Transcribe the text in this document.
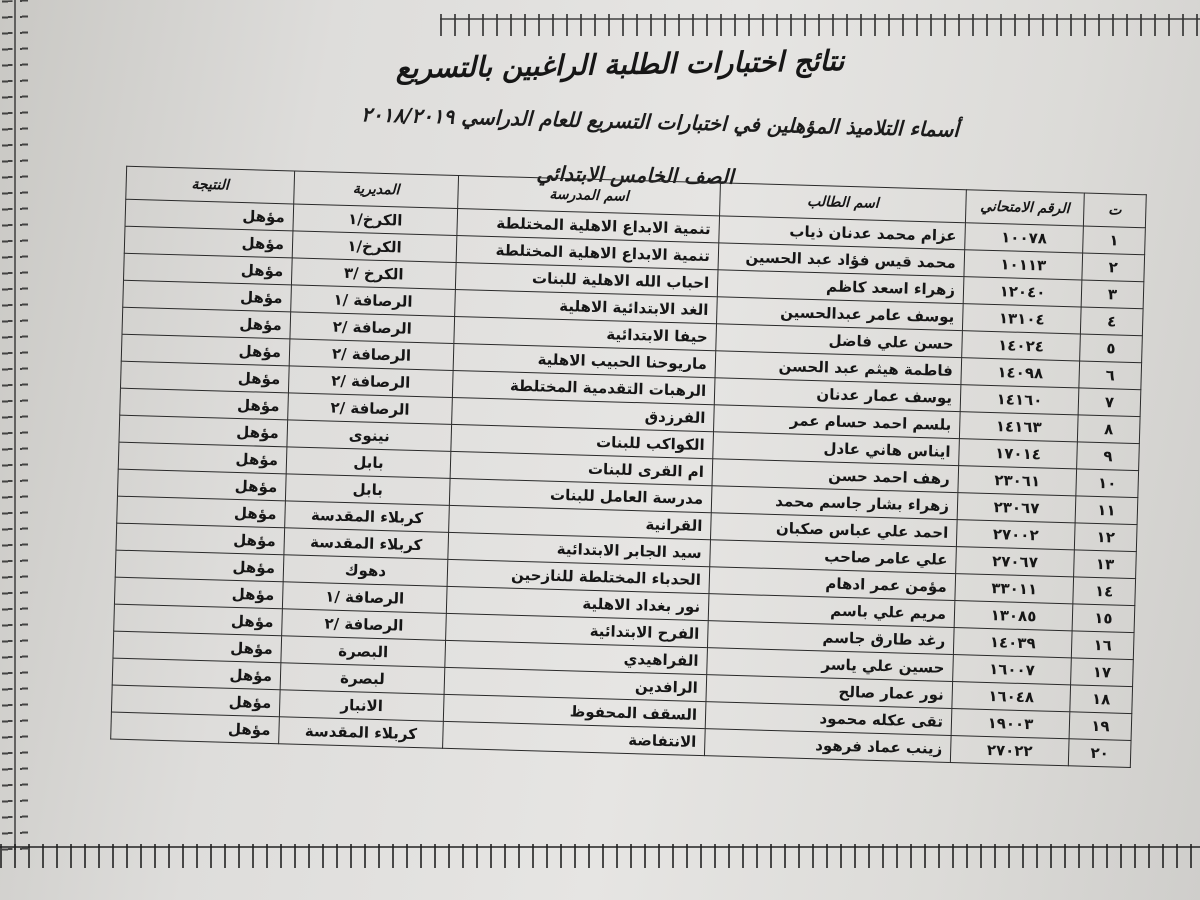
نتائج اختبارات الطلبة الراغبين بالتسريع
أسماء التلاميذ المؤهلين في اختبارات التسريع للعام الدراسي ٢٠١٨/٢٠١٩
الصف الخامس الابتدائي
ت	الرقم الامتحاني	اسم الطالب	اسم المدرسة	المديرية	النتيجة
١	١٠٠٧٨	عزام محمد عدنان ذياب	تنمية الابداع الاهلية المختلطة	الكرخ/١	مؤهل
٢	١٠١١٣	محمد قيس فؤاد عبد الحسين	تنمية الابداع الاهلية المختلطة	الكرخ/١	مؤهل
٣	١٢٠٤٠	زهراء اسعد كاظم	احباب الله الاهلية للبنات	الكرخ /٣	مؤهل
٤	١٣١٠٤	يوسف عامر عبدالحسين	الغد الابتدائية الاهلية	الرصافة /١	مؤهل
٥	١٤٠٢٤	حسن علي فاضل	حيفا الابتدائية	الرصافة /٢	مؤهل
٦	١٤٠٩٨	فاطمة هيثم عبد الحسن	ماريوحنا الحبيب الاهلية	الرصافة /٢	مؤهل
٧	١٤١٦٠	يوسف عمار عدنان	الرهبات التقدمية المختلطة	الرصافة /٢	مؤهل
٨	١٤١٦٣	بلسم احمد حسام عمر	الفرزدق	الرصافة /٢	مؤهل
٩	١٧٠١٤	ايناس هاني عادل	الكواكب للبنات	نينوى	مؤهل
١٠	٢٣٠٦١	رهف احمد حسن	ام القرى للبنات	بابل	مؤهل
١١	٢٣٠٦٧	زهراء بشار جاسم محمد	مدرسة العامل للبنات	بابل	مؤهل
١٢	٢٧٠٠٢	احمد علي عباس صكبان	القرانية	كربلاء المقدسة	مؤهل
١٣	٢٧٠٦٧	علي عامر صاحب	سيد الجابر الابتدائية	كربلاء المقدسة	مؤهل
١٤	٣٣٠١١	مؤمن عمر ادهام	الحدباء المختلطة للنازحين	دهوك	مؤهل
١٥	١٣٠٨٥	مريم علي باسم	نور بغداد الاهلية	الرصافة /١	مؤهل
١٦	١٤٠٣٩	رغد طارق جاسم	الفرح الابتدائية	الرصافة /٢	مؤهل
١٧	١٦٠٠٧	حسين علي ياسر	الفراهيدي	البصرة	مؤهل
١٨	١٦٠٤٨	نور عمار صالح	الرافدين	لبصرة	مؤهل
١٩	١٩٠٠٣	تقى عكله محمود	السقف المحفوظ	الانبار	مؤهل
٢٠	٢٧٠٢٢	زينب عماد فرهود	الانتفاضة	كربلاء المقدسة	مؤهل
